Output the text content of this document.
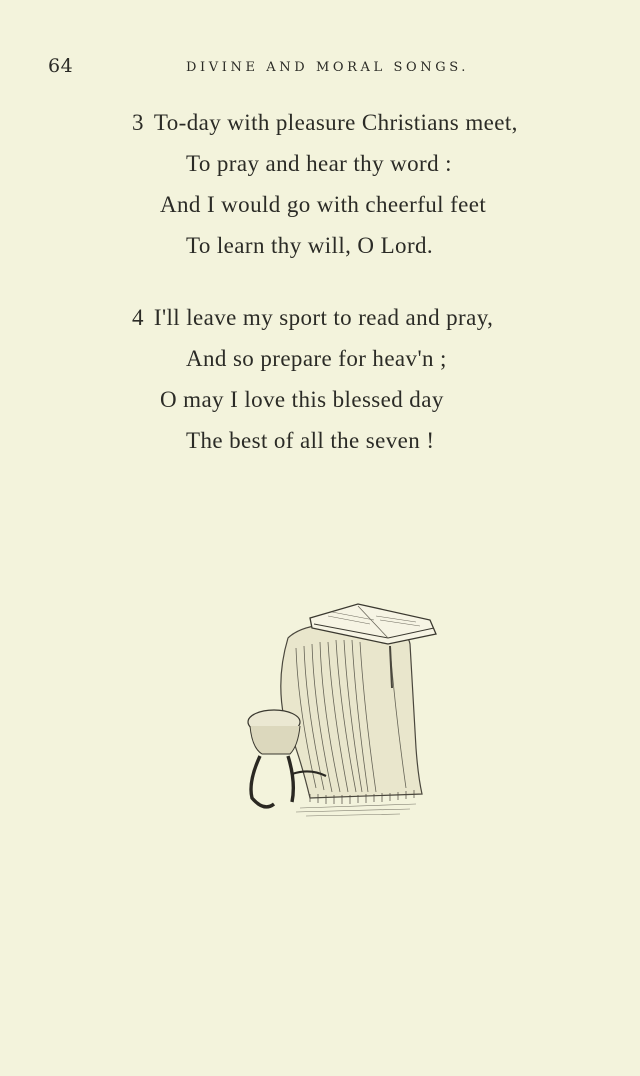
64	DIVINE AND MORAL SONGS.
3 To-day with pleasure Christians meet,
To pray and hear thy word :
And I would go with cheerful feet
To learn thy will, O Lord.
4 I'll leave my sport to read and pray,
And so prepare for heav'n ;
O may I love this blessed day
The best of all the seven !
